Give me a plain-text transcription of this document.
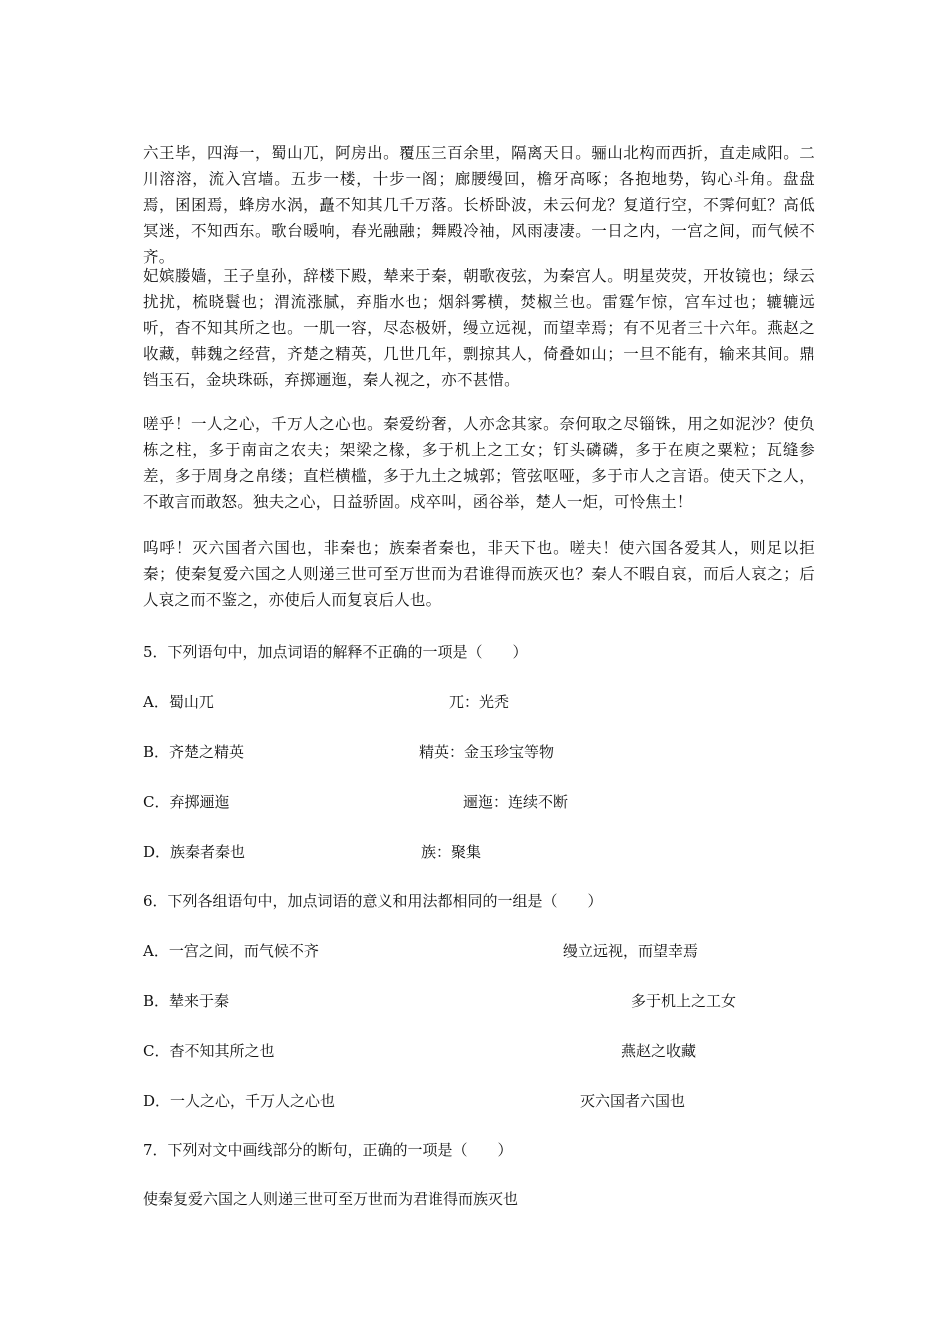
六王毕，四海一，蜀山兀，阿房出。覆压三百余里，隔离天日。骊山北构而西折，直走咸阳。二川溶溶，流入宫墙。五步一楼，十步一阁；廊腰缦回，檐牙高啄；各抱地势，钩心斗角。盘盘焉，囷囷焉，蜂房水涡，矗不知其几千万落。长桥卧波，未云何龙？复道行空，不霁何虹？高低冥迷，不知西东。歌台暖响，春光融融；舞殿冷袖，风雨凄凄。一日之内，一宫之间，而气候不齐。

妃嫔媵嫱，王子皇孙，辞楼下殿，辇来于秦，朝歌夜弦，为秦宫人。明星荧荧，开妆镜也；绿云扰扰，梳晓鬟也；渭流涨腻，弃脂水也；烟斜雾横，焚椒兰也。雷霆乍惊，宫车过也；辘辘远听，杳不知其所之也。一肌一容，尽态极妍，缦立远视，而望幸焉；有不见者三十六年。燕赵之收藏，韩魏之经营，齐楚之精英，几世几年，剽掠其人，倚叠如山；一旦不能有，输来其间。鼎铛玉石，金块珠砾，弃掷逦迤，秦人视之，亦不甚惜。

嗟乎！一人之心，千万人之心也。秦爱纷奢，人亦念其家。奈何取之尽锱铢，用之如泥沙？使负栋之柱，多于南亩之农夫；架梁之椽，多于机上之工女；钉头磷磷，多于在庾之粟粒；瓦缝参差，多于周身之帛缕；直栏横槛，多于九土之城郭；管弦呕哑，多于市人之言语。使天下之人，不敢言而敢怒。独夫之心，日益骄固。戍卒叫，函谷举，楚人一炬，可怜焦土！

呜呼！灭六国者六国也，非秦也；族秦者秦也，非天下也。嗟夫！使六国各爱其人，则足以拒秦；使秦复爱六国之人则递三世可至万世而为君谁得而族灭也？秦人不暇自哀，而后人哀之；后人哀之而不鉴之，亦使后人而复哀后人也。

5．下列语句中，加点词语的解释不正确的一项是（　　）
A．蜀山兀	兀：光秃
B．齐楚之精英	精英：金玉珍宝等物
C．弃掷逦迤	逦迤：连续不断
D．族秦者秦也	族：聚集
6．下列各组语句中，加点词语的意义和用法都相同的一组是（　　）
A．一宫之间，而气候不齐	缦立远视，而望幸焉
B．辇来于秦	多于机上之工女
C．杳不知其所之也	燕赵之收藏
D．一人之心，千万人之心也	灭六国者六国也
7．下列对文中画线部分的断句，正确的一项是（　　）
使秦复爱六国之人则递三世可至万世而为君谁得而族灭也
